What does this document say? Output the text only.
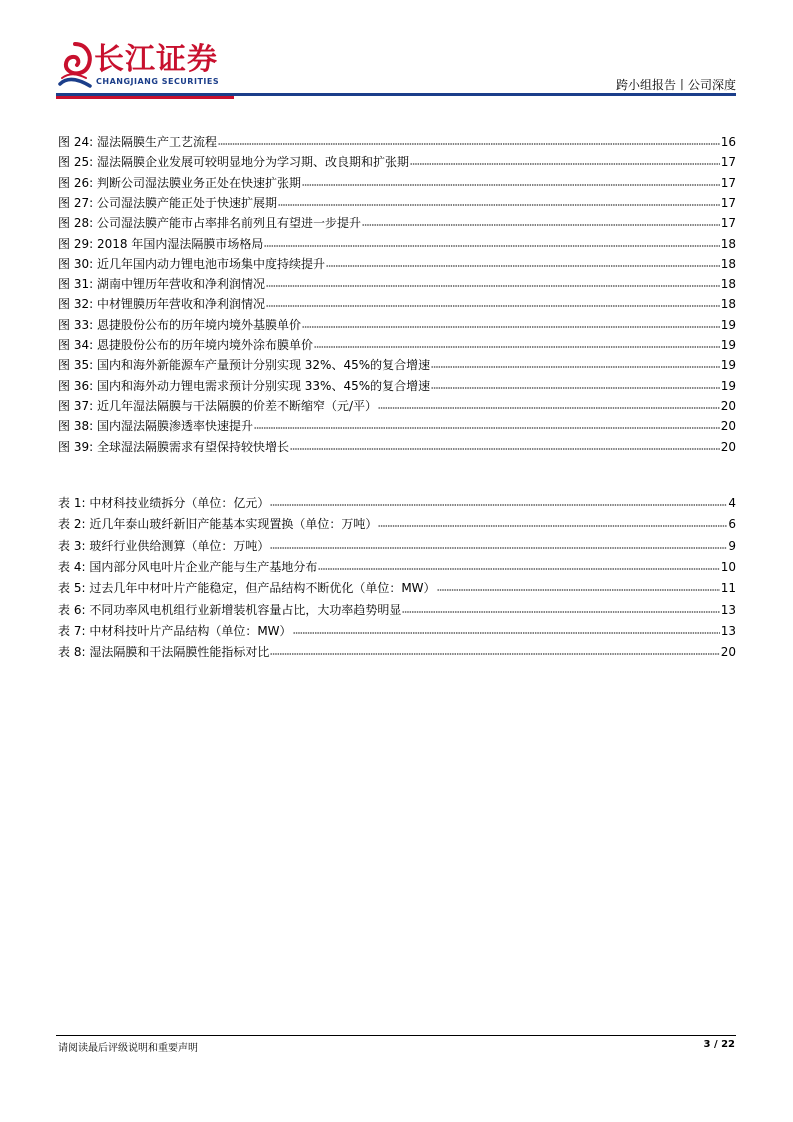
长江证券
CHANGJIANG SECURITIES	跨小组报告丨公司深度
图 24: 湿法隔膜生产工艺流程	16
图 25: 湿法隔膜企业发展可较明显地分为学习期、改良期和扩张期	17
图 26: 判断公司湿法膜业务正处在快速扩张期	17
图 27: 公司湿法膜产能正处于快速扩展期	17
图 28: 公司湿法膜产能市占率排名前列且有望进一步提升	17
图 29: 2018 年国内湿法隔膜市场格局	18
图 30: 近几年国内动力锂电池市场集中度持续提升	18
图 31: 湖南中锂历年营收和净利润情况	18
图 32: 中材锂膜历年营收和净利润情况	18
图 33: 恩捷股份公布的历年境内境外基膜单价	19
图 34: 恩捷股份公布的历年境内境外涂布膜单价	19
图 35: 国内和海外新能源车产量预计分别实现 32%、45%的复合增速	19
图 36: 国内和海外动力锂电需求预计分别实现 33%、45%的复合增速	19
图 37: 近几年湿法隔膜与干法隔膜的价差不断缩窄（元/平）	20
图 38: 国内湿法隔膜渗透率快速提升	20
图 39: 全球湿法隔膜需求有望保持较快增长	20
表 1: 中材科技业绩拆分（单位：亿元）	4
表 2: 近几年泰山玻纤新旧产能基本实现置换（单位：万吨）	6
表 3: 玻纤行业供给测算（单位：万吨）	9
表 4: 国内部分风电叶片企业产能与生产基地分布	10
表 5: 过去几年中材叶片产能稳定，但产品结构不断优化（单位：MW）	11
表 6: 不同功率风电机组行业新增装机容量占比，大功率趋势明显	13
表 7: 中材科技叶片产品结构（单位：MW）	13
表 8: 湿法隔膜和干法隔膜性能指标对比	20
请阅读最后评级说明和重要声明	3 / 22
